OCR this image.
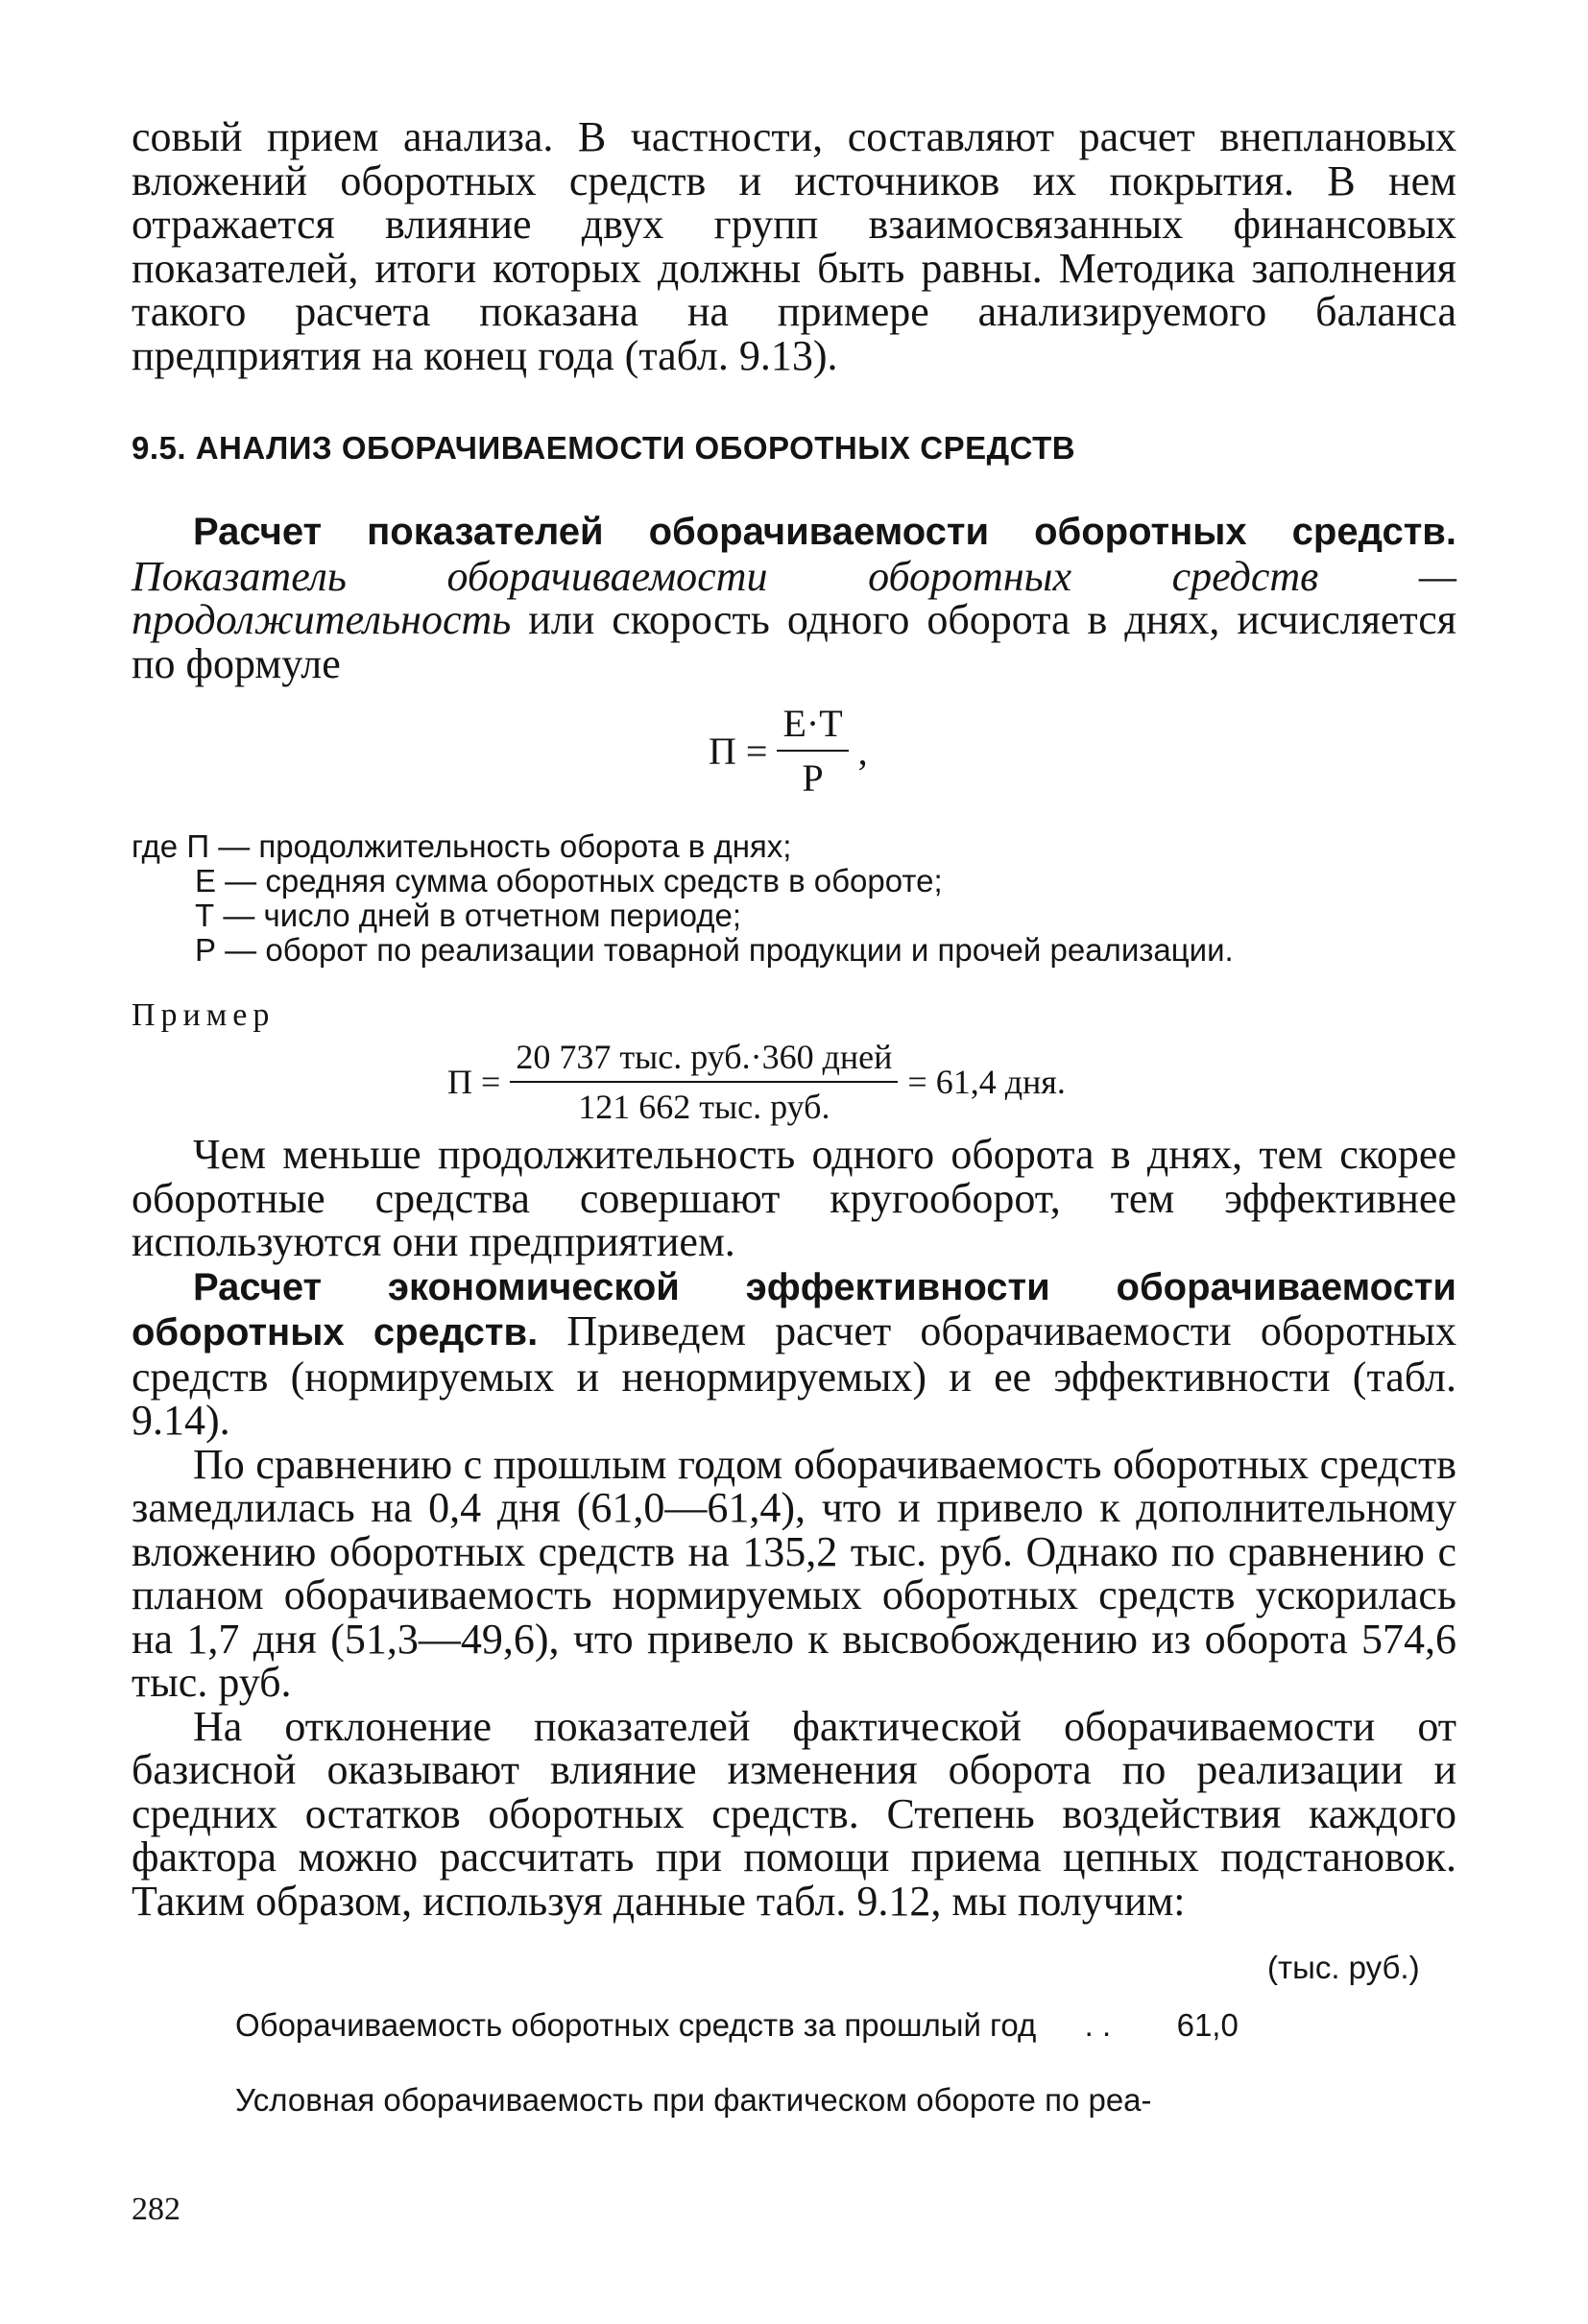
совый прием анализа. В частности, составляют расчет внеплановых вложений оборотных средств и источников их покрытия. В нем отражается влияние двух групп взаимосвязанных финансовых показателей, итоги которых должны быть равны. Методика заполнения такого расчета показана на примере анализируемого баланса предприятия на конец года (табл. 9.13).

9.5. АНАЛИЗ ОБОРАЧИВАЕМОСТИ ОБОРОТНЫХ СРЕДСТВ

Расчет показателей оборачиваемости оборотных средств. Показатель оборачиваемости оборотных средств — продолжительность или скорость одного оборота в днях, исчисляется по формуле

$П = \frac{Е\cdot Т}{Р}$ ,
где П — продолжительность оборота в днях;
Е — средняя сумма оборотных средств в обороте;
Т — число дней в отчетном периоде;
Р — оборот по реализации товарной продукции и прочей реализации.
Пример
$П = \frac{\text{20 737 тыс. руб.·360 дней}}{\text{121 662 тыс. руб.}} = 61,4$ дня.

Чем меньше продолжительность одного оборота в днях, тем скорее оборотные средства совершают кругооборот, тем эффективнее используются они предприятием.

Расчет экономической эффективности оборачиваемости оборотных средств. Приведем расчет оборачиваемости оборотных средств (нормируемых и ненормируемых) и ее эффективности (табл. 9.14).

По сравнению с прошлым годом оборачиваемость оборотных средств замедлилась на 0,4 дня (61,0—61,4), что и привело к дополнительному вложению оборотных средств на 135,2 тыс. руб. Однако по сравнению с планом оборачиваемость нормируемых оборотных средств ускорилась на 1,7 дня (51,3—49,6), что привело к высвобождению из оборота 574,6 тыс. руб.

На отклонение показателей фактической оборачиваемости от базисной оказывают влияние изменения оборота по реализации и средних остатков оборотных средств. Степень воздействия каждого фактора можно рассчитать при помощи приема цепных подстановок. Таким образом, используя данные табл. 9.12, мы получим:

(тыс. руб.)
Оборачиваемость оборотных средств за прошлый год . . 61,0
Условная оборачиваемость при фактическом обороте по реа-
282
